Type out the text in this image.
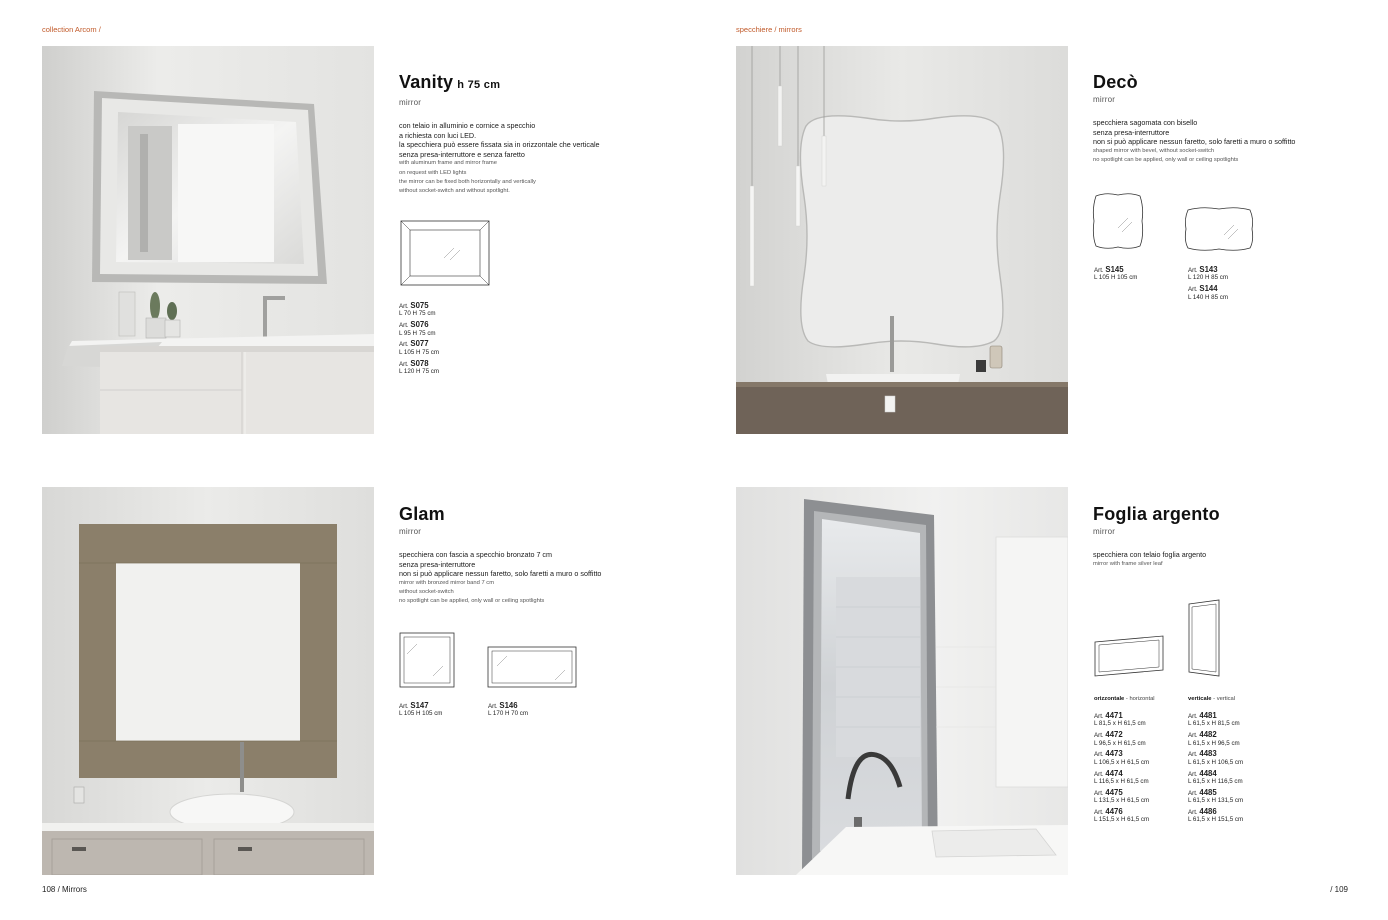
collection Arcom /	specchiere / mirrors
Vanity h 75 cm
mirror
con telaio in alluminio e cornice a specchio
a richiesta con luci LED.
la specchiera può essere fissata sia in orizzontale che verticale
senza presa-interruttore e senza faretto
with aluminum frame and mirror frame
on request with LED lights
the mirror can be fixed both horizontally and vertically
without socket-switch and without spotlight.
Art. S075
L 70 H 75 cm
Art. S076
L 95 H 75 cm
Art. S077
L 105 H 75 cm
Art. S078
L 120 H 75 cm
Decò
mirror
specchiera sagomata con bisello
senza presa-interruttore
non si può applicare nessun faretto, solo faretti a muro o soffitto
shaped mirror with bevel, without socket-switch
no spotlight can be applied, only wall or ceiling spotlights
Art. S145
L 105 H 105 cm
Art. S143
L 120 H 85 cm
Art. S144
L 140 H 85 cm
Glam
mirror
specchiera con fascia a specchio bronzato 7 cm
senza presa-interruttore
non si può applicare nessun faretto, solo faretti a muro o soffitto
mirror with bronzed mirror band 7 cm
without socket-switch
no spotlight can be applied, only wall or ceiling spotlights
Art. S147
L 105 H 105 cm
Art. S146
L 170 H 70 cm
Foglia argento
mirror
specchiera con telaio foglia argento
mirror with frame silver leaf
orizzontale - horizontal	verticale - vertical
Art. 4471
L 81,5 x H 61,5 cm
Art. 4472
L 96,5 x H 61,5 cm
Art. 4473
L 106,5 x H 61,5 cm
Art. 4474
L 116,5 x H 61,5 cm
Art. 4475
L 131,5 x H 61,5 cm
Art. 4476
L 151,5 x H 61,5 cm
Art. 4481
L 61,5 x H 81,5 cm
Art. 4482
L 61,5 x H 96,5 cm
Art. 4483
L 61,5 x H 106,5 cm
Art. 4484
L 61,5 x H 116,5 cm
Art. 4485
L 61,5 x H 131,5 cm
Art. 4486
L 61,5 x H 151,5 cm
108 / Mirrors	/ 109
